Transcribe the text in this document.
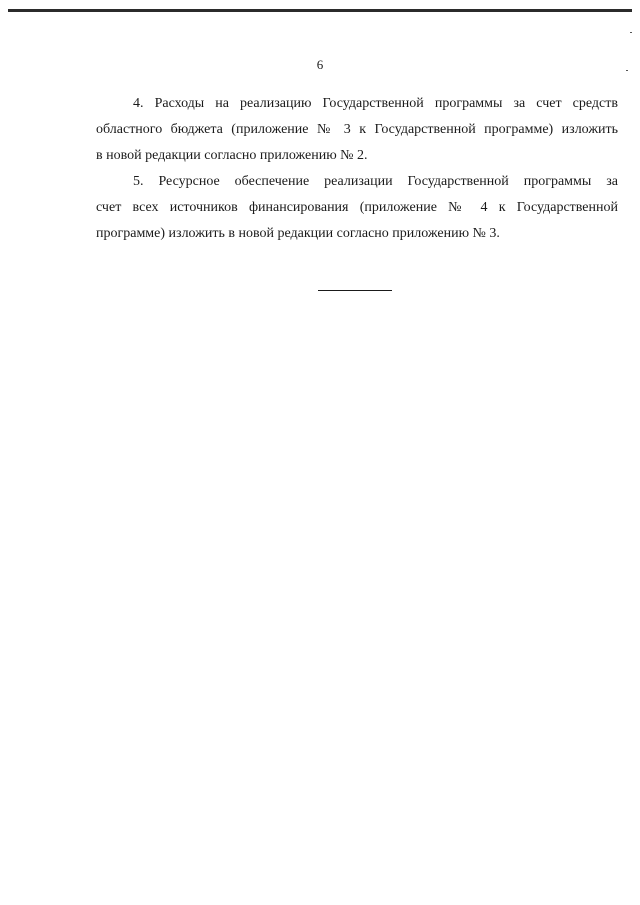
6
4. Расходы на реализацию Государственной программы за счет средств
областного бюджета (приложение № 3 к Государственной программе) изложить
в новой редакции согласно приложению № 2.
5. Ресурсное обеспечение реализации Государственной программы за
счет всех источников финансирования (приложение № 4 к Государственной
программе) изложить в новой редакции согласно приложению № 3.
